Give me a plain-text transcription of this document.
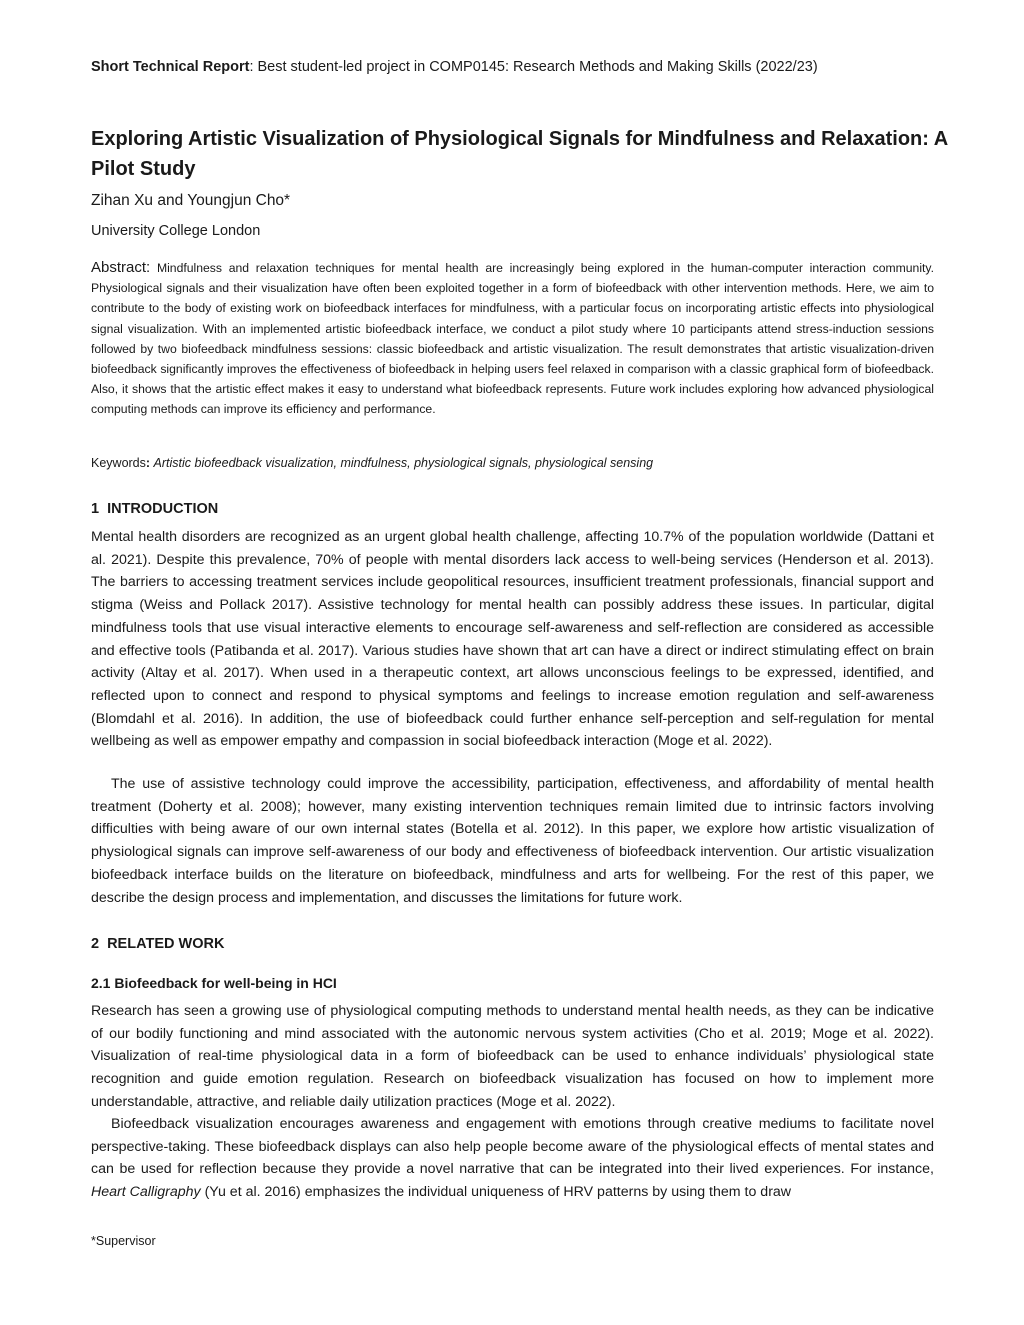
Short Technical Report: Best student-led project in COMP0145: Research Methods and Making Skills (2022/23)
Exploring Artistic Visualization of Physiological Signals for Mindfulness and Relaxation: A Pilot Study
Zihan Xu and Youngjun Cho*
University College London

Abstract: Mindfulness and relaxation techniques for mental health are increasingly being explored in the human-computer interaction community. Physiological signals and their visualization have often been exploited together in a form of biofeedback with other intervention methods. Here, we aim to contribute to the body of existing work on biofeedback interfaces for mindfulness, with a particular focus on incorporating artistic effects into physiological signal visualization. With an implemented artistic biofeedback interface, we conduct a pilot study where 10 participants attend stress-induction sessions followed by two biofeedback mindfulness sessions: classic biofeedback and artistic visualization. The result demonstrates that artistic visualization-driven biofeedback significantly improves the effectiveness of biofeedback in helping users feel relaxed in comparison with a classic graphical form of biofeedback. Also, it shows that the artistic effect makes it easy to understand what biofeedback represents. Future work includes exploring how advanced physiological computing methods can improve its efficiency and performance.

Keywords: Artistic biofeedback visualization, mindfulness, physiological signals, physiological sensing
1 INTRODUCTION

Mental health disorders are recognized as an urgent global health challenge, affecting 10.7% of the population worldwide (Dattani et al. 2021). Despite this prevalence, 70% of people with mental disorders lack access to well-being services (Henderson et al. 2013). The barriers to accessing treatment services include geopolitical resources, insufficient treatment professionals, financial support and stigma (Weiss and Pollack 2017). Assistive technology for mental health can possibly address these issues. In particular, digital mindfulness tools that use visual interactive elements to encourage self-awareness and self-reflection are considered as accessible and effective tools (Patibanda et al. 2017). Various studies have shown that art can have a direct or indirect stimulating effect on brain activity (Altay et al. 2017). When used in a therapeutic context, art allows unconscious feelings to be expressed, identified, and reflected upon to connect and respond to physical symptoms and feelings to increase emotion regulation and self-awareness (Blomdahl et al. 2016). In addition, the use of biofeedback could further enhance self-perception and self-regulation for mental wellbeing as well as empower empathy and compassion in social biofeedback interaction (Moge et al. 2022).

The use of assistive technology could improve the accessibility, participation, effectiveness, and affordability of mental health treatment (Doherty et al. 2008); however, many existing intervention techniques remain limited due to intrinsic factors involving difficulties with being aware of our own internal states (Botella et al. 2012). In this paper, we explore how artistic visualization of physiological signals can improve self-awareness of our body and effectiveness of biofeedback intervention. Our artistic visualization biofeedback interface builds on the literature on biofeedback, mindfulness and arts for wellbeing. For the rest of this paper, we describe the design process and implementation, and discusses the limitations for future work.

2 RELATED WORK
2.1 Biofeedback for well-being in HCI

Research has seen a growing use of physiological computing methods to understand mental health needs, as they can be indicative of our bodily functioning and mind associated with the autonomic nervous system activities (Cho et al. 2019; Moge et al. 2022). Visualization of real-time physiological data in a form of biofeedback can be used to enhance individuals’ physiological state recognition and guide emotion regulation. Research on biofeedback visualization has focused on how to implement more understandable, attractive, and reliable daily utilization practices (Moge et al. 2022).

Biofeedback visualization encourages awareness and engagement with emotions through creative mediums to facilitate novel perspective-taking. These biofeedback displays can also help people become aware of the physiological effects of mental states and can be used for reflection because they provide a novel narrative that can be integrated into their lived experiences. For instance, Heart Calligraphy (Yu et al. 2016) emphasizes the individual uniqueness of HRV patterns by using them to draw

*Supervisor
